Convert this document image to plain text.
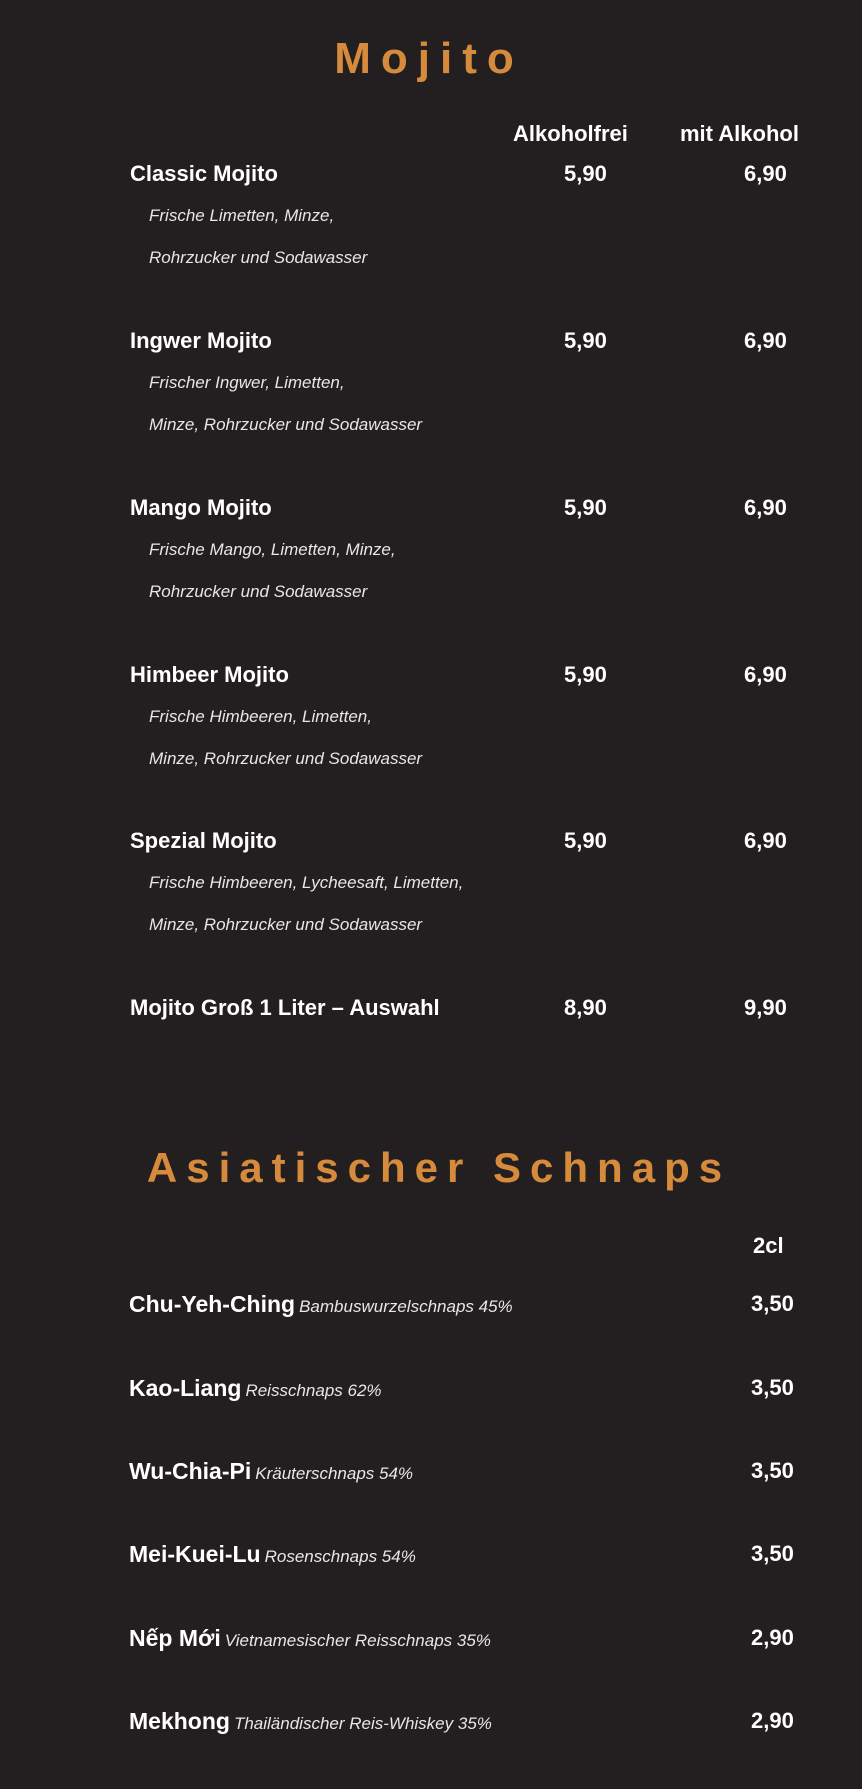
Mojito
Alkoholfrei mit Alkohol
Classic Mojito	5,90	6,90
Frische Limetten, Minze,
Rohrzucker und Sodawasser
Ingwer Mojito	5,90	6,90
Frischer Ingwer, Limetten,
Minze, Rohrzucker und Sodawasser
Mango Mojito	5,90	6,90
Frische Mango, Limetten, Minze,
Rohrzucker und Sodawasser
Himbeer Mojito	5,90	6,90
Frische Himbeeren, Limetten,
Minze, Rohrzucker und Sodawasser
Spezial Mojito	5,90	6,90
Frische Himbeeren, Lycheesaft, Limetten,
Minze, Rohrzucker und Sodawasser
Mojito Groß 1 Liter – Auswahl	8,90	9,90
Asiatischer Schnaps
2cl
Chu-Yeh-Ching Bambuswurzelschnaps 45%	3,50
Kao-Liang Reisschnaps 62%	3,50
Wu-Chia-Pi Kräuterschnaps 54%	3,50
Mei-Kuei-Lu Rosenschnaps 54%	3,50
Nếp Mới Vietnamesischer Reisschnaps 35%	2,90
Mekhong Thailändischer Reis-Whiskey 35%	2,90
